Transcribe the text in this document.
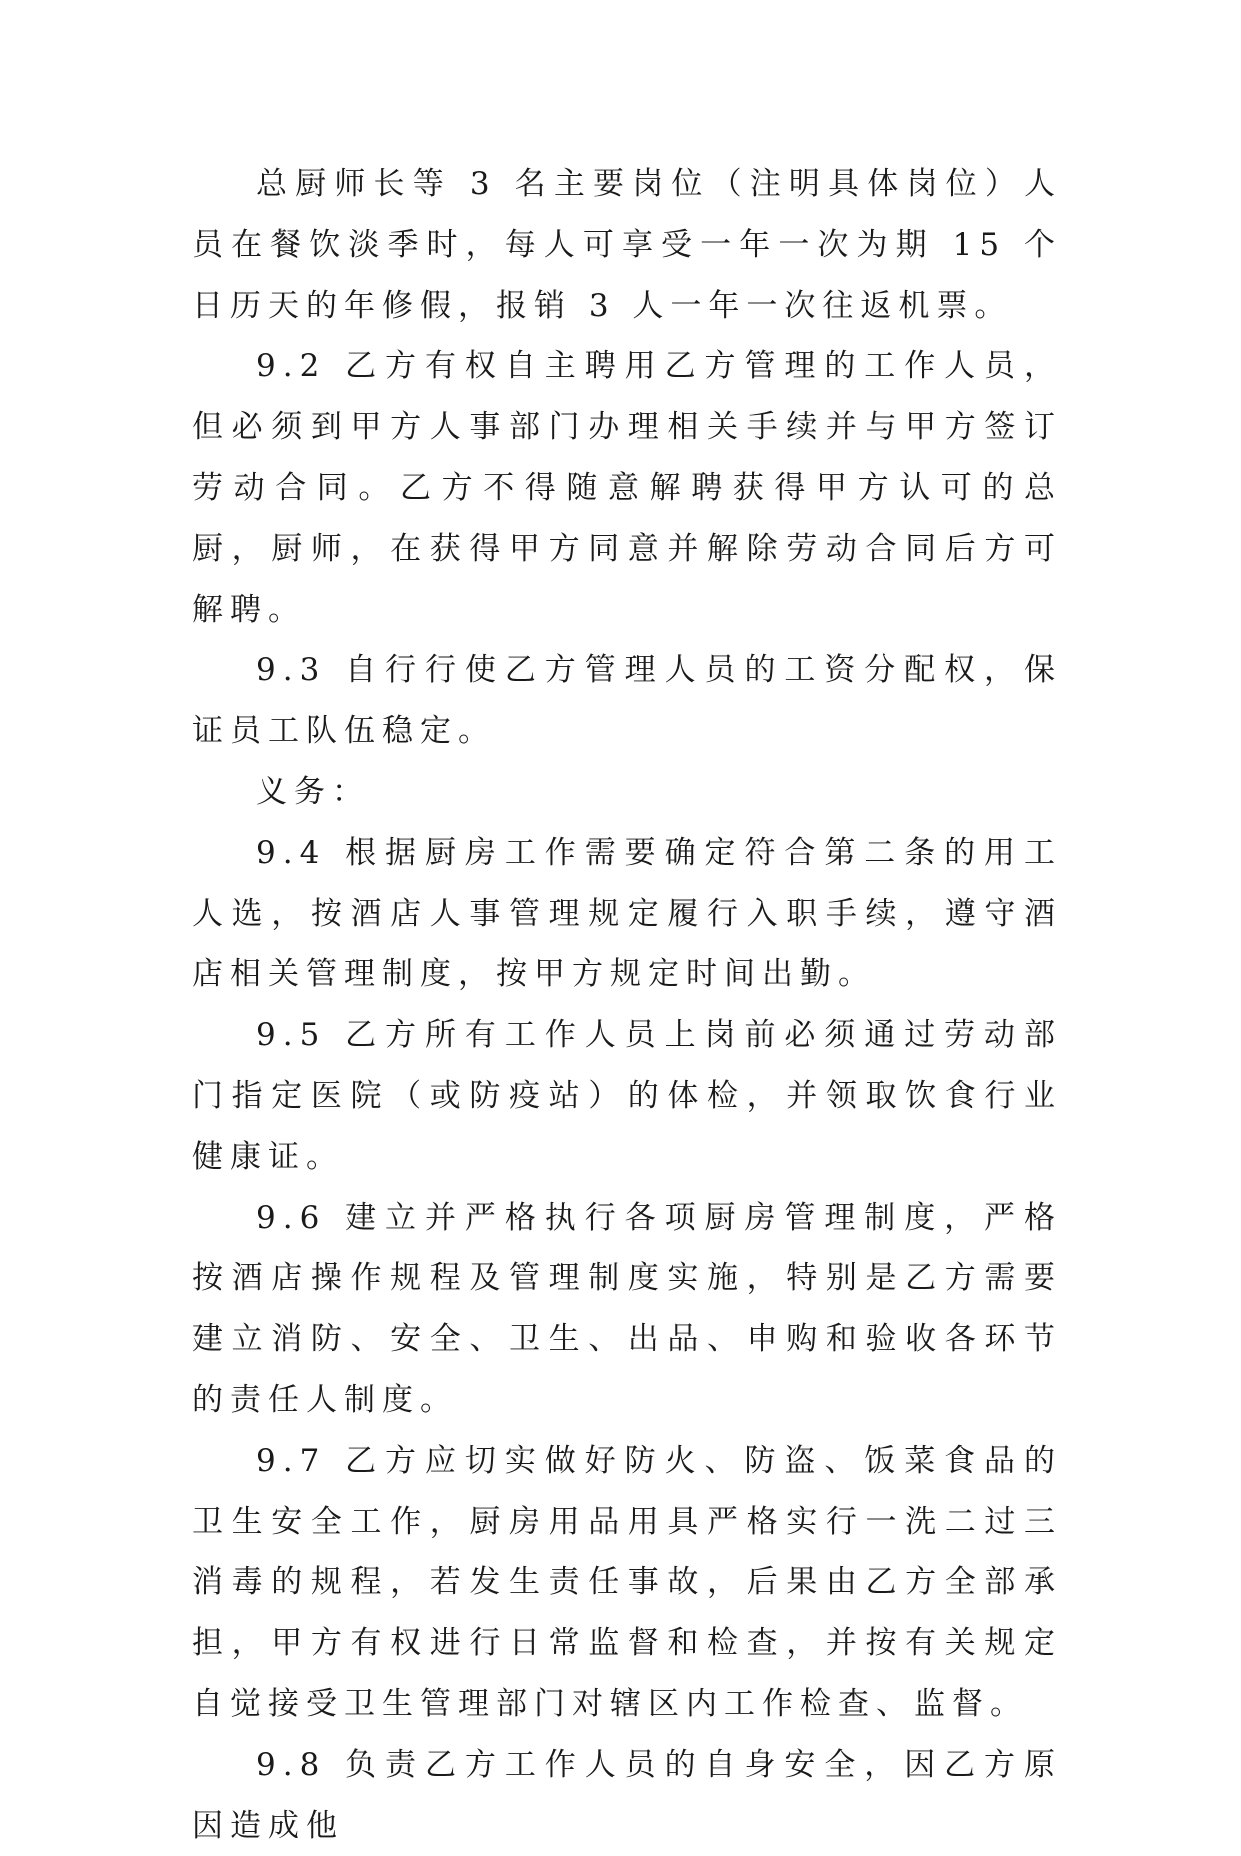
总厨师长等 3 名主要岗位（注明具体岗位）人员在餐饮淡季时，每人可享受一年一次为期 15 个日历天的年修假，报销 3 人一年一次往返机票。

9.2 乙方有权自主聘用乙方管理的工作人员，但必须到甲方人事部门办理相关手续并与甲方签订劳动合同。乙方不得随意解聘获得甲方认可的总厨，厨师，在获得甲方同意并解除劳动合同后方可解聘。

9.3 自行行使乙方管理人员的工资分配权，保证员工队伍稳定。

义务：

9.4 根据厨房工作需要确定符合第二条的用工人选，按酒店人事管理规定履行入职手续，遵守酒店相关管理制度，按甲方规定时间出勤。

9.5 乙方所有工作人员上岗前必须通过劳动部门指定医院（或防疫站）的体检，并领取饮食行业健康证。

9.6 建立并严格执行各项厨房管理制度，严格按酒店操作规程及管理制度实施，特别是乙方需要建立消防、安全、卫生、出品、申购和验收各环节的责任人制度。

9.7 乙方应切实做好防火、防盗、饭菜食品的卫生安全工作，厨房用品用具严格实行一洗二过三消毒的规程，若发生责任事故，后果由乙方全部承担，甲方有权进行日常监督和检查，并按有关规定自觉接受卫生管理部门对辖区内工作检查、监督。

9.8 负责乙方工作人员的自身安全，因乙方原因造成他
